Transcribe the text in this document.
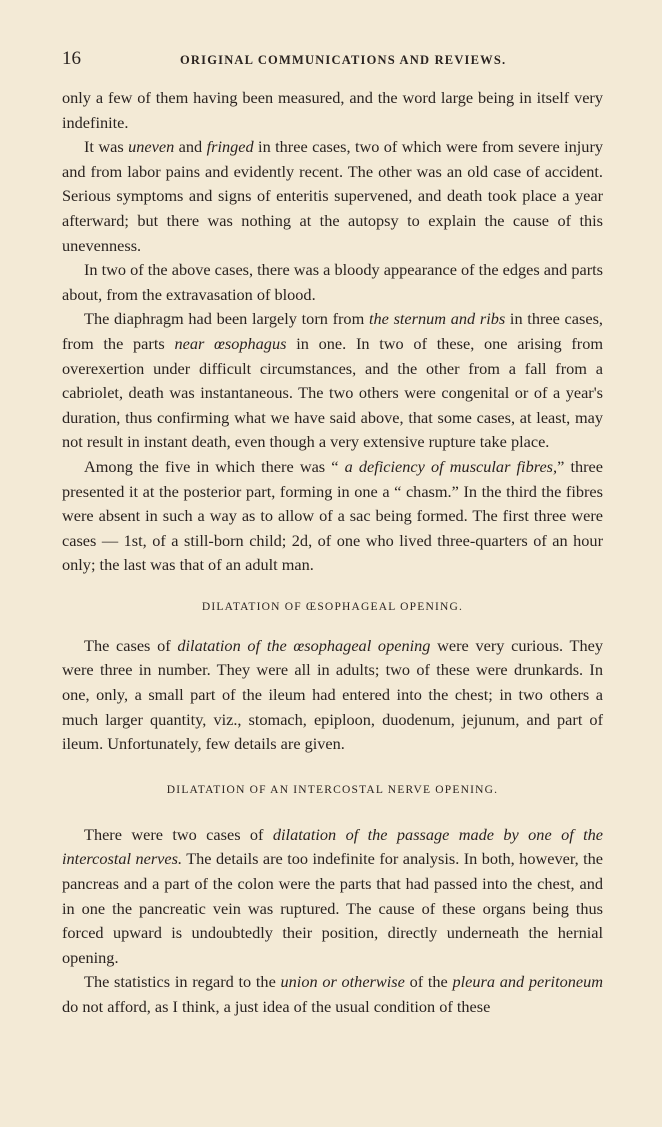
16	ORIGINAL COMMUNICATIONS AND REVIEWS.

only a few of them having been measured, and the word large being in itself very indefinite.

It was uneven and fringed in three cases, two of which were from severe injury and from labor pains and evidently recent. The other was an old case of accident. Serious symptoms and signs of enteritis supervened, and death took place a year afterward; but there was nothing at the autopsy to explain the cause of this unevenness.

In two of the above cases, there was a bloody appearance of the edges and parts about, from the extravasation of blood.

The diaphragm had been largely torn from the sternum and ribs in three cases, from the parts near œsophagus in one. In two of these, one arising from overexertion under difficult circumstances, and the other from a fall from a cabriolet, death was instantaneous. The two others were congenital or of a year's duration, thus confirming what we have said above, that some cases, at least, may not result in instant death, even though a very extensive rupture take place.

Among the five in which there was “ a deficiency of muscular fibres,” three presented it at the posterior part, forming in one a “ chasm.” In the third the fibres were absent in such a way as to allow of a sac being formed. The first three were cases — 1st, of a still-born child; 2d, of one who lived three-quarters of an hour only; the last was that of an adult man.

DILATATION OF ŒSOPHAGEAL OPENING.

The cases of dilatation of the œsophageal opening were very curious. They were three in number. They were all in adults; two of these were drunkards. In one, only, a small part of the ileum had entered into the chest; in two others a much larger quantity, viz., stomach, epiploon, duodenum, jejunum, and part of ileum. Unfortunately, few details are given.

DILATATION OF AN INTERCOSTAL NERVE OPENING.

There were two cases of dilatation of the passage made by one of the intercostal nerves. The details are too indefinite for analysis. In both, however, the pancreas and a part of the colon were the parts that had passed into the chest, and in one the pancreatic vein was ruptured. The cause of these organs being thus forced upward is undoubtedly their position, directly underneath the hernial opening.

The statistics in regard to the union or otherwise of the pleura and peritoneum do not afford, as I think, a just idea of the usual condition of these
